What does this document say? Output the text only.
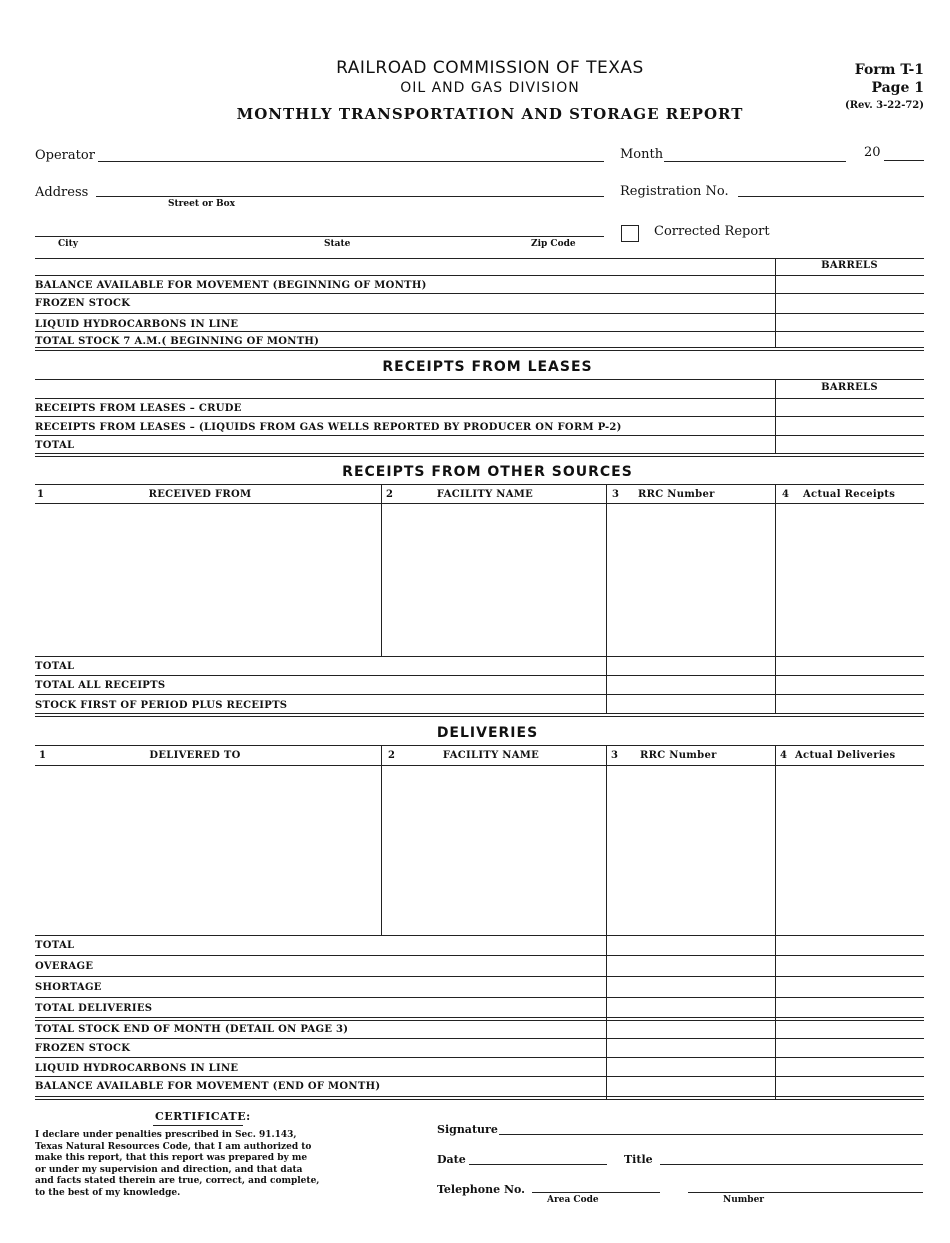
RAILROAD COMMISSION OF TEXAS
OIL AND GAS DIVISION
MONTHLY TRANSPORTATION AND STORAGE REPORT
Form T-1
Page 1
(Rev. 3-22-72)
Operator	Month	20
Address
Street or Box
Registration No.
City	State	Zip Code
Corrected Report
BARRELS
BALANCE AVAILABLE FOR MOVEMENT (BEGINNING OF MONTH)
FROZEN STOCK
LIQUID HYDROCARBONS IN LINE
TOTAL STOCK 7 A.M.( BEGINNING OF MONTH)
RECEIPTS FROM LEASES
BARRELS
RECEIPTS FROM LEASES – CRUDE
RECEIPTS FROM LEASES – (LIQUIDS FROM GAS WELLS REPORTED BY PRODUCER ON FORM P-2)
TOTAL
RECEIPTS FROM OTHER SOURCES
1	RECEIVED FROM	2	FACILITY NAME	3 RRC Number	4 Actual Receipts
TOTAL
TOTAL ALL RECEIPTS
STOCK FIRST OF PERIOD PLUS RECEIPTS
DELIVERIES
1	DELIVERED TO	2	FACILITY NAME	3 RRC Number	4 Actual Deliveries
TOTAL
OVERAGE
SHORTAGE
TOTAL DELIVERIES
TOTAL STOCK END OF MONTH (DETAIL ON PAGE 3)
FROZEN STOCK
LIQUID HYDROCARBONS IN LINE
BALANCE AVAILABLE FOR MOVEMENT (END OF MONTH)
CERTIFICATE:
I declare under penalties prescribed in Sec. 91.143,
Texas Natural Resources Code, that I am authorized to
make this report, that this report was prepared by me
or under my supervision and direction, and that data
and facts stated therein are true, correct, and complete,
to the best of my knowledge.
Signature
Date	Title
Telephone No.
Area Code	Number
